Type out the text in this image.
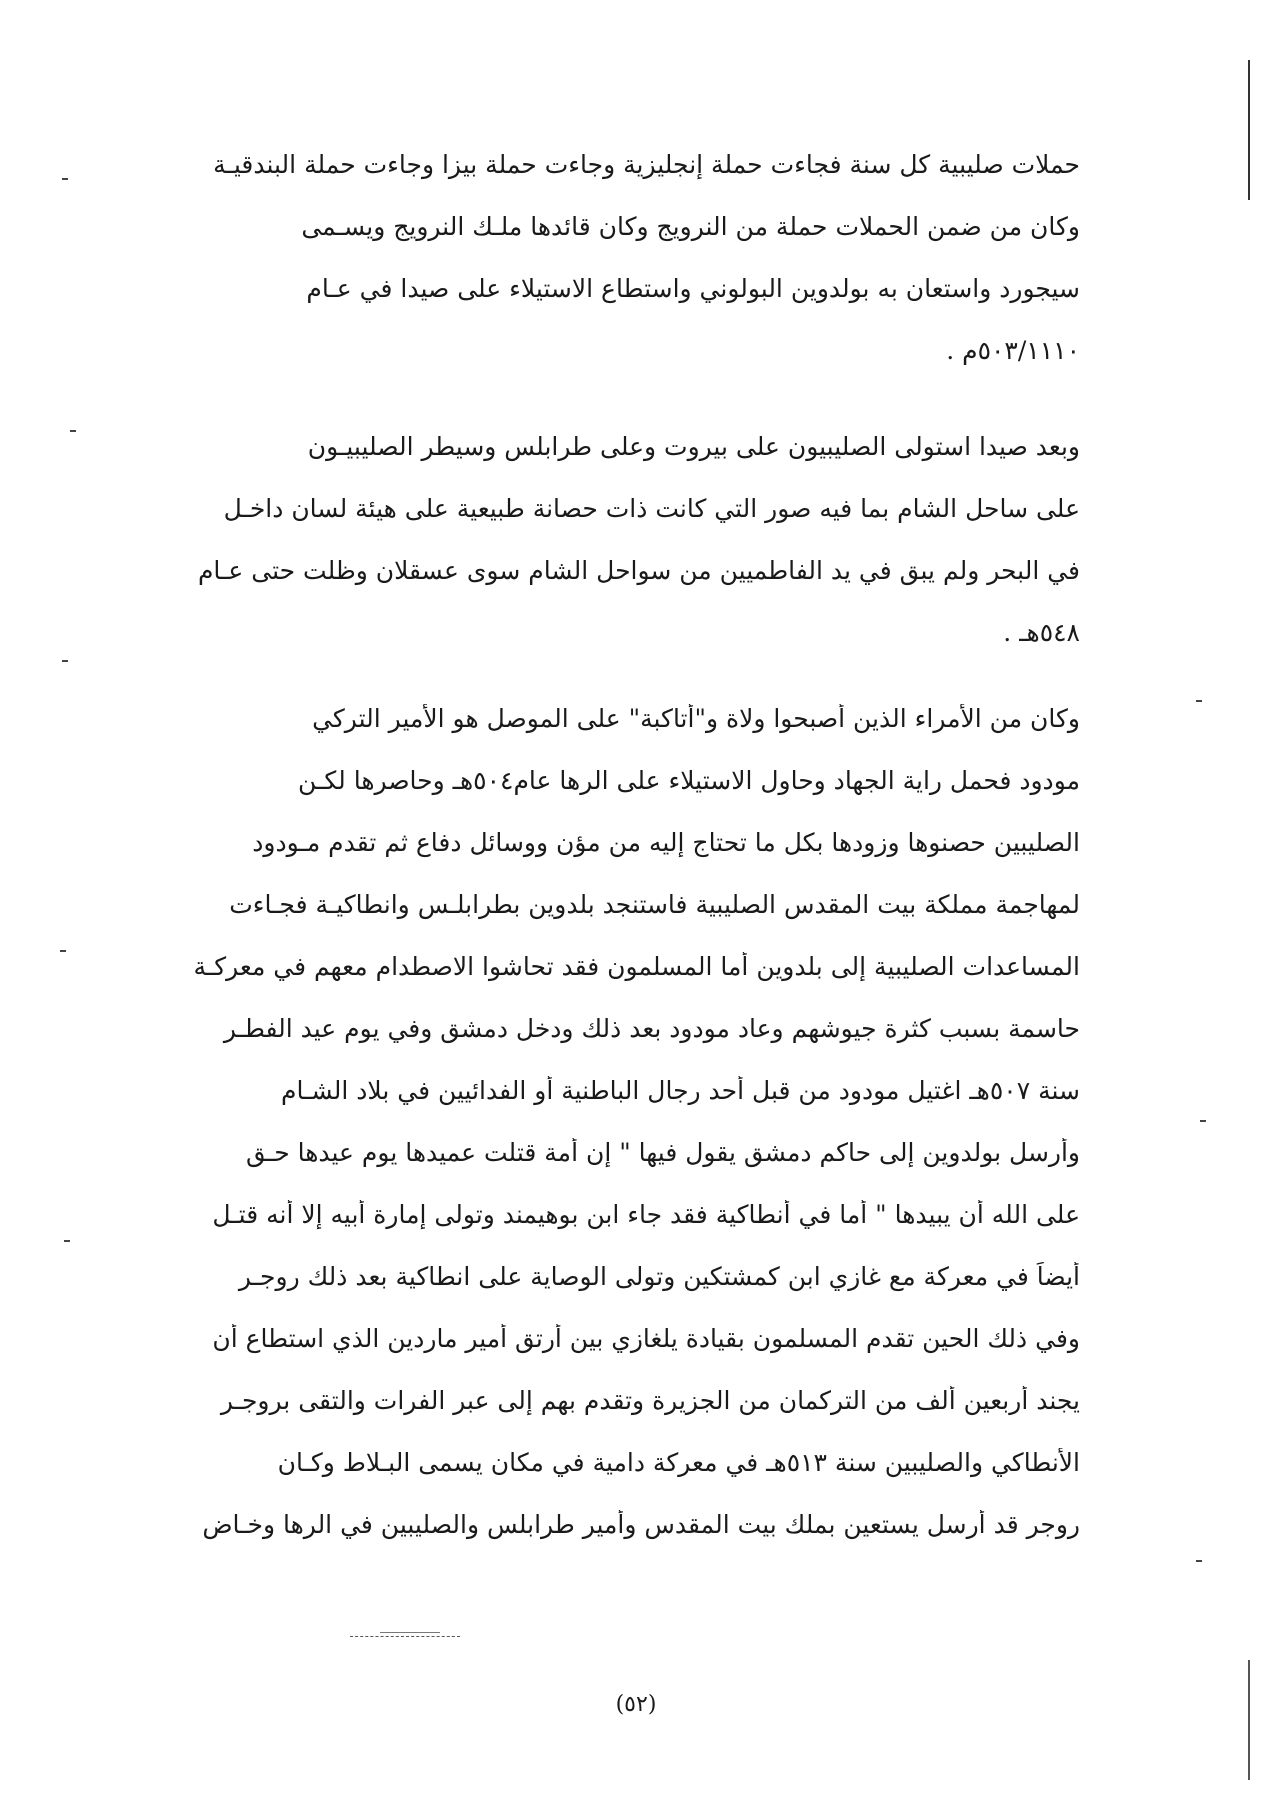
حملات صليبية كل سنة فجاءت حملة إنجليزية وجاءت حملة بيزا وجاءت حملة البندقيـة
وكان من ضمن الحملات حملة من النرويج وكان قائدها ملـك النرويج ويسـمى
سيجورد واستعان به بولدوين البولوني واستطاع الاستيلاء على صيدا في عـام
٥٠٣/١١١٠م .
وبعد صيدا استولى الصليبيون على بيروت وعلى طرابلس وسيطر الصليبيـون
على ساحل الشام بما فيه صور التي كانت ذات حصانة طبيعية على هيئة لسان داخـل
في البحر ولم يبق في يد الفاطميين من سواحل الشام سوى عسقلان وظلت حتى عـام
٥٤٨هـ .
وكان من الأمراء الذين أصبحوا ولاة و"أتاكبة" على الموصل هو الأمير التركي
مودود فحمل راية الجهاد وحاول الاستيلاء على الرها عام٥٠٤هـ وحاصرها لكـن
الصليبين حصنوها وزودها بكل ما تحتاج إليه من مؤن ووسائل دفاع ثم تقدم مـودود
لمهاجمة مملكة بيت المقدس الصليبية فاستنجد بلدوين بطرابلـس وانطاكيـة فجـاءت
المساعدات الصليبية إلى بلدوين أما المسلمون فقد تحاشوا الاصطدام معهم في معركـة
حاسمة بسبب كثرة جيوشهم وعاد مودود بعد ذلك ودخل دمشق وفي يوم عيد الفطـر
سنة ٥٠٧هـ اغتيل مودود من قبل أحد رجال الباطنية أو الفدائيين في بلاد الشـام
وأرسل بولدوين إلى حاكم دمشق يقول فيها " إن أمة قتلت عميدها يوم عيدها حـق
على الله أن يبيدها " أما في أنطاكية فقد جاء ابن بوهيمند وتولى إمارة أبيه إلا أنه قتـل
أيضاً في معركة مع غازي ابن كمشتكين وتولى الوصاية على انطاكية بعد ذلك روجـر
وفي ذلك الحين تقدم المسلمون بقيادة يلغازي بين أرتق أمير ماردين الذي استطاع أن
يجند أربعين ألف من التركمان من الجزيرة وتقدم بهم إلى عبر الفرات والتقى بروجـر
الأنطاكي والصليبين سنة ٥١٣هـ في معركة دامية في مكان يسمى البـلاط وكـان
روجر قد أرسل يستعين بملك بيت المقدس وأمير طرابلس والصليبين في الرها وخـاض
(٥٢)
